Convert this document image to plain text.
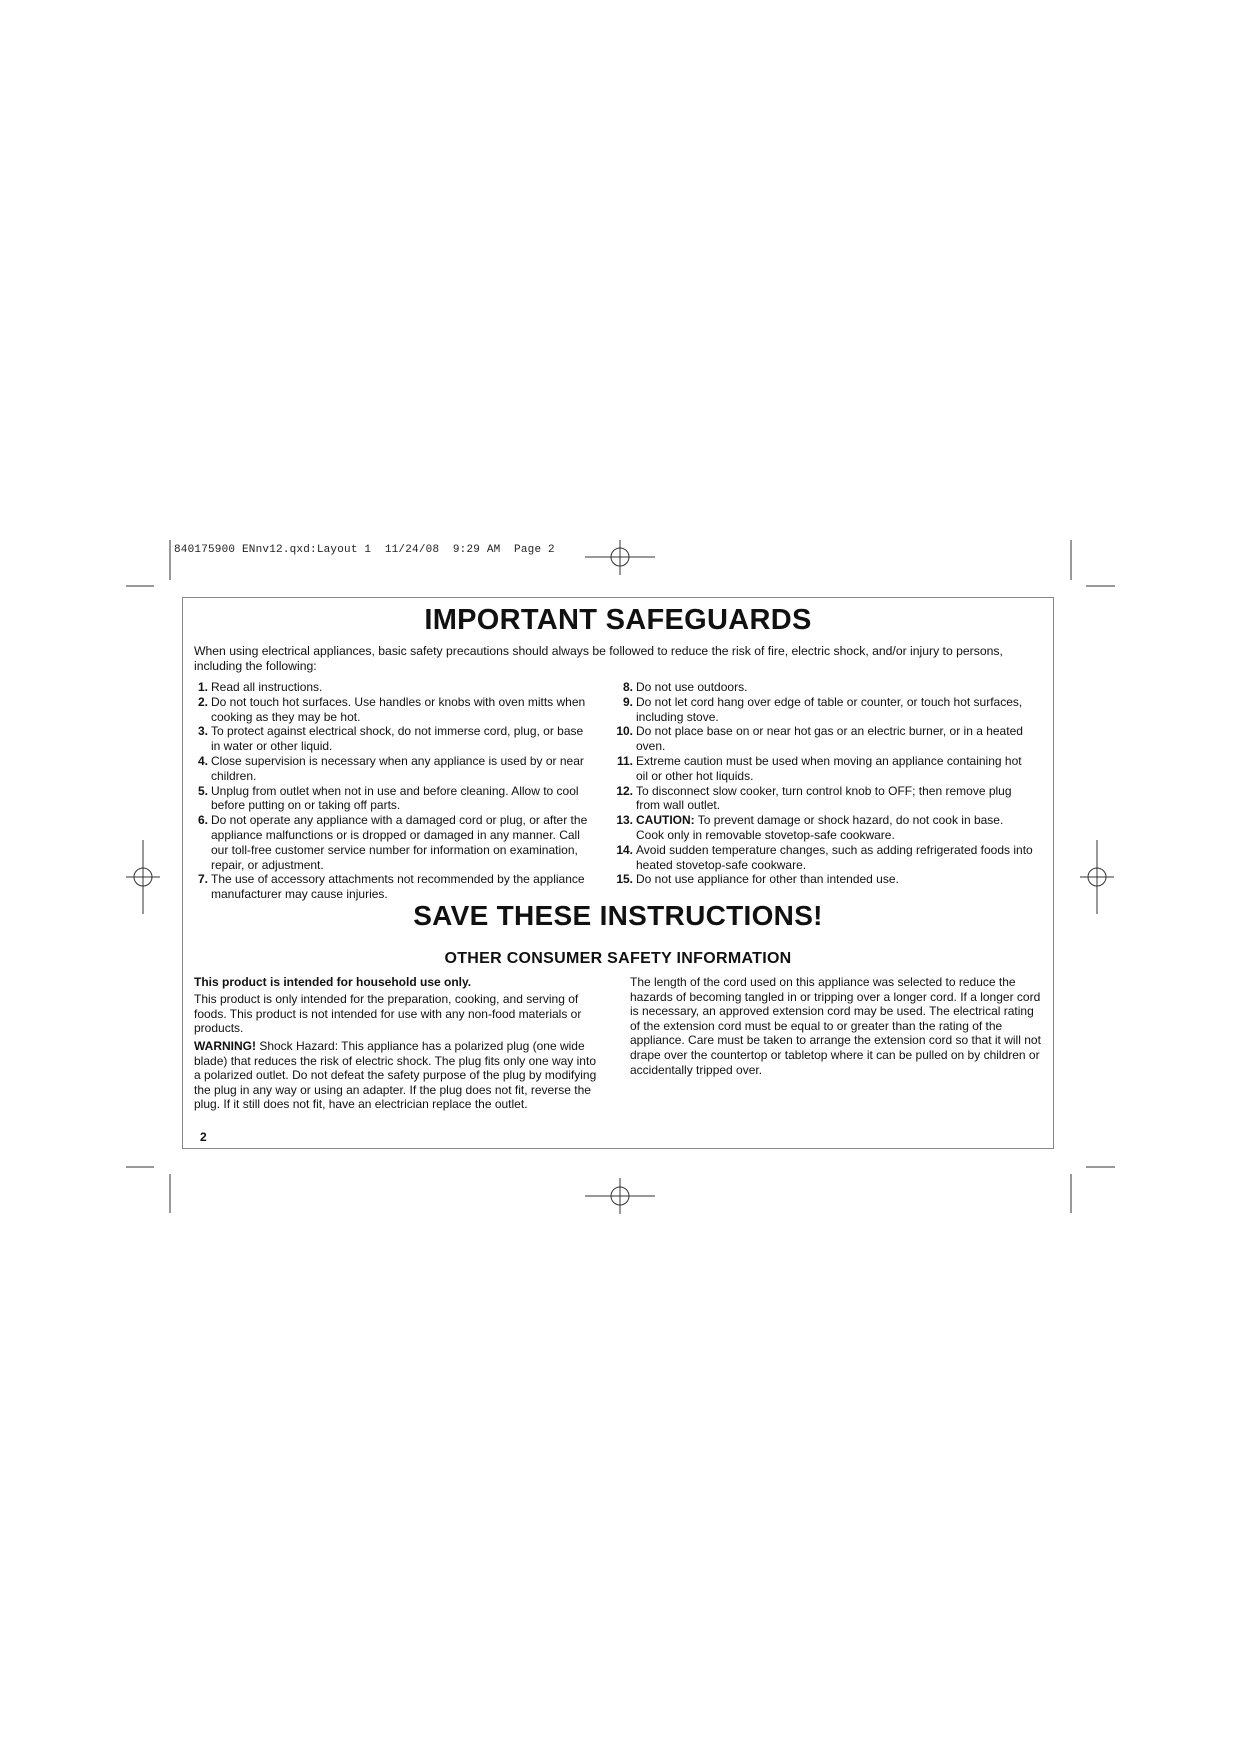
840175900 ENnv12.qxd:Layout 1  11/24/08  9:29 AM  Page 2
IMPORTANT SAFEGUARDS

When using electrical appliances, basic safety precautions should always be followed to reduce the risk of fire, electric shock, and/or injury to persons, including the following:

1. Read all instructions.
2. Do not touch hot surfaces. Use handles or knobs with oven mitts when cooking as they may be hot.
3. To protect against electrical shock, do not immerse cord, plug, or base in water or other liquid.
4. Close supervision is necessary when any appliance is used by or near children.
5. Unplug from outlet when not in use and before cleaning. Allow to cool before putting on or taking off parts.
6. Do not operate any appliance with a damaged cord or plug, or after the appliance malfunctions or is dropped or damaged in any manner. Call our toll-free customer service number for information on examination, repair, or adjustment.
7. The use of accessory attachments not recommended by the appliance manufacturer may cause injuries.
8. Do not use outdoors.
9. Do not let cord hang over edge of table or counter, or touch hot surfaces, including stove.
10. Do not place base on or near hot gas or an electric burner, or in a heated oven.
11. Extreme caution must be used when moving an appliance containing hot oil or other hot liquids.
12. To disconnect slow cooker, turn control knob to OFF; then remove plug from wall outlet.
13. CAUTION: To prevent damage or shock hazard, do not cook in base. Cook only in removable stovetop-safe cookware.
14. Avoid sudden temperature changes, such as adding refrigerated foods into heated stovetop-safe cookware.
15. Do not use appliance for other than intended use.
SAVE THESE INSTRUCTIONS!
OTHER CONSUMER SAFETY INFORMATION

This product is intended for household use only.

This product is only intended for the preparation, cooking, and serving of foods. This product is not intended for use with any non-food materials or products.

WARNING! Shock Hazard: This appliance has a polarized plug (one wide blade) that reduces the risk of electric shock. The plug fits only one way into a polarized outlet. Do not defeat the safety purpose of the plug by modifying the plug in any way or using an adapter. If the plug does not fit, reverse the plug. If it still does not fit, have an electrician replace the outlet.

The length of the cord used on this appliance was selected to reduce the hazards of becoming tangled in or tripping over a longer cord. If a longer cord is necessary, an approved extension cord may be used. The electrical rating of the extension cord must be equal to or greater than the rating of the appliance. Care must be taken to arrange the extension cord so that it will not drape over the countertop or tabletop where it can be pulled on by children or accidentally tripped over.

2
